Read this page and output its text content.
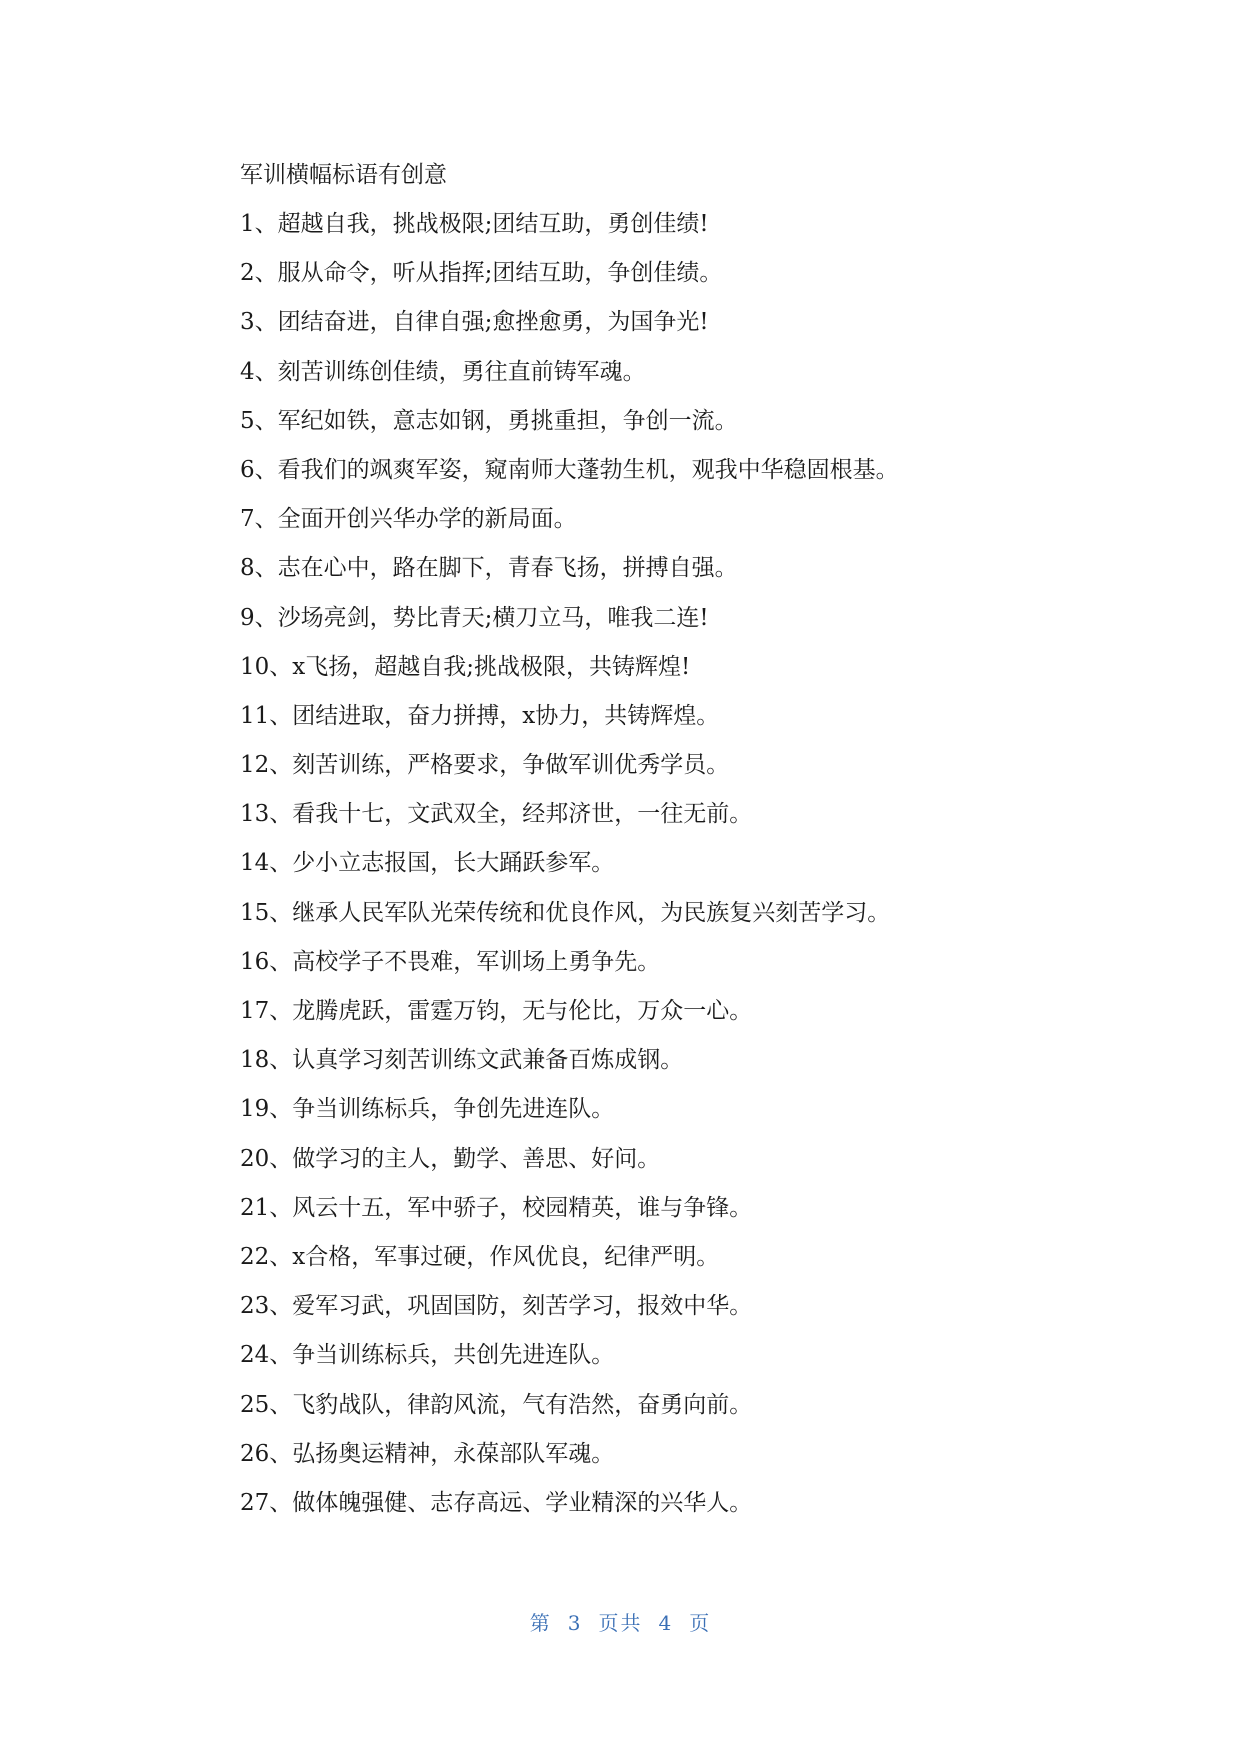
军训横幅标语有创意
1、超越自我，挑战极限;团结互助，勇创佳绩!
2、服从命令，听从指挥;团结互助，争创佳绩。
3、团结奋进，自律自强;愈挫愈勇，为国争光!
4、刻苦训练创佳绩，勇往直前铸军魂。
5、军纪如铁，意志如钢，勇挑重担，争创一流。
6、看我们的飒爽军姿，窥南师大蓬勃生机，观我中华稳固根基。
7、全面开创兴华办学的新局面。
8、志在心中，路在脚下，青春飞扬，拼搏自强。
9、沙场亮剑，势比青天;横刀立马，唯我二连!
10、x飞扬，超越自我;挑战极限，共铸辉煌!
11、团结进取，奋力拼搏，x协力，共铸辉煌。
12、刻苦训练，严格要求，争做军训优秀学员。
13、看我十七，文武双全，经邦济世，一往无前。
14、少小立志报国，长大踊跃参军。
15、继承人民军队光荣传统和优良作风，为民族复兴刻苦学习。
16、高校学子不畏难，军训场上勇争先。
17、龙腾虎跃，雷霆万钧，无与伦比，万众一心。
18、认真学习刻苦训练文武兼备百炼成钢。
19、争当训练标兵，争创先进连队。
20、做学习的主人，勤学、善思、好问。
21、风云十五，军中骄子，校园精英，谁与争锋。
22、x合格，军事过硬，作风优良，纪律严明。
23、爱军习武，巩固国防，刻苦学习，报效中华。
24、争当训练标兵，共创先进连队。
25、飞豹战队，律韵风流，气有浩然，奋勇向前。
26、弘扬奥运精神，永葆部队军魂。
27、做体魄强健、志存高远、学业精深的兴华人。
第 3 页共 4 页
